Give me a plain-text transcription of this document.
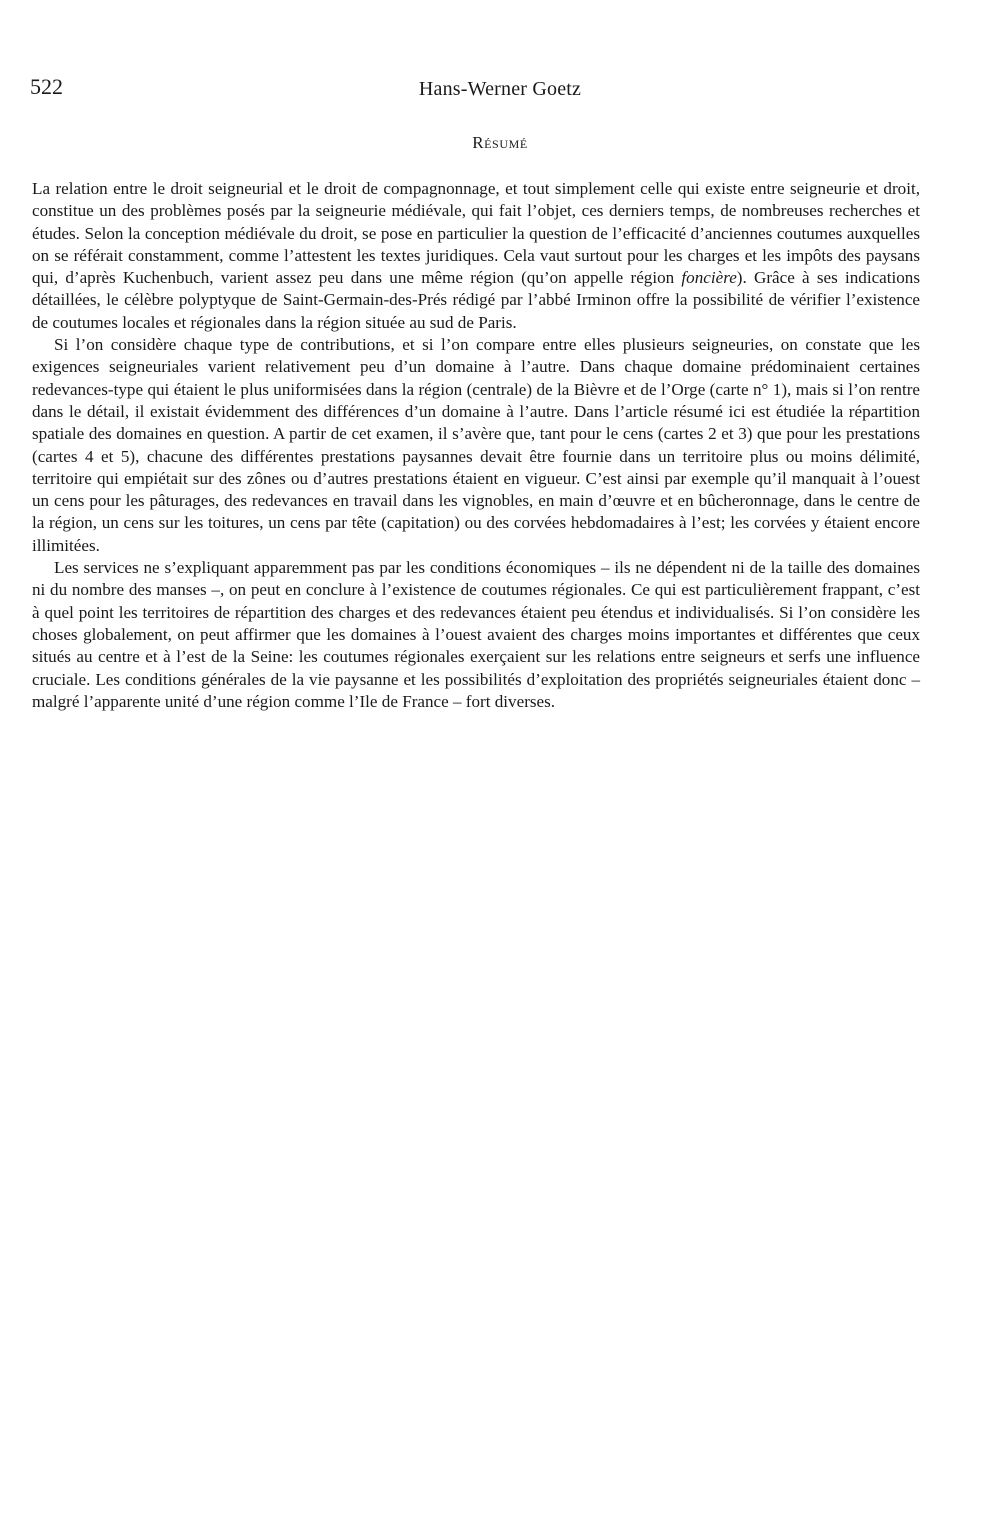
522	Hans-Werner Goetz
Résumé

La relation entre le droit seigneurial et le droit de compagnonnage, et tout simplement celle qui existe entre seigneurie et droit, constitue un des problèmes posés par la seigneurie médiévale, qui fait l’objet, ces derniers temps, de nombreuses recherches et études. Selon la conception médiévale du droit, se pose en particulier la question de l’efficacité d’anciennes coutumes auxquelles on se référait constamment, comme l’attestent les textes juridiques. Cela vaut surtout pour les charges et les impôts des paysans qui, d’après Kuchenbuch, varient assez peu dans une même région (qu’on appelle région foncière). Grâce à ses indications détaillées, le célèbre polyptyque de Saint-Germain-des-Prés rédigé par l’abbé Irminon offre la possibilité de vérifier l’existence de coutumes locales et régionales dans la région située au sud de Paris.

Si l’on considère chaque type de contributions, et si l’on compare entre elles plusieurs seigneuries, on constate que les exigences seigneuriales varient relativement peu d’un domaine à l’autre. Dans chaque domaine prédominaient certaines redevances-type qui étaient le plus uniformisées dans la région (centrale) de la Bièvre et de l’Orge (carte n° 1), mais si l’on rentre dans le détail, il existait évidemment des différences d’un domaine à l’autre. Dans l’article résumé ici est étudiée la répartition spatiale des domaines en question. A partir de cet examen, il s’avère que, tant pour le cens (cartes 2 et 3) que pour les prestations (cartes 4 et 5), chacune des différentes prestations paysannes devait être fournie dans un territoire plus ou moins délimité, territoire qui empiétait sur des zônes ou d’autres prestations étaient en vigueur. C’est ainsi par exemple qu’il manquait à l’ouest un cens pour les pâturages, des redevances en travail dans les vignobles, en main d’œuvre et en bûcheronnage, dans le centre de la région, un cens sur les toitures, un cens par tête (capitation) ou des corvées hebdomadaires à l’est; les corvées y étaient encore illimitées.

Les services ne s’expliquant apparemment pas par les conditions économiques – ils ne dépendent ni de la taille des domaines ni du nombre des manses –, on peut en conclure à l’existence de coutumes régionales. Ce qui est particulièrement frappant, c’est à quel point les territoires de répartition des charges et des redevances étaient peu étendus et individualisés. Si l’on considère les choses globalement, on peut affirmer que les domaines à l’ouest avaient des charges moins importantes et différentes que ceux situés au centre et à l’est de la Seine: les coutumes régionales exerçaient sur les relations entre seigneurs et serfs une influence cruciale. Les conditions générales de la vie paysanne et les possibilités d’exploitation des propriétés seigneuriales étaient donc – malgré l’apparente unité d’une région comme l’Ile de France – fort diverses.
